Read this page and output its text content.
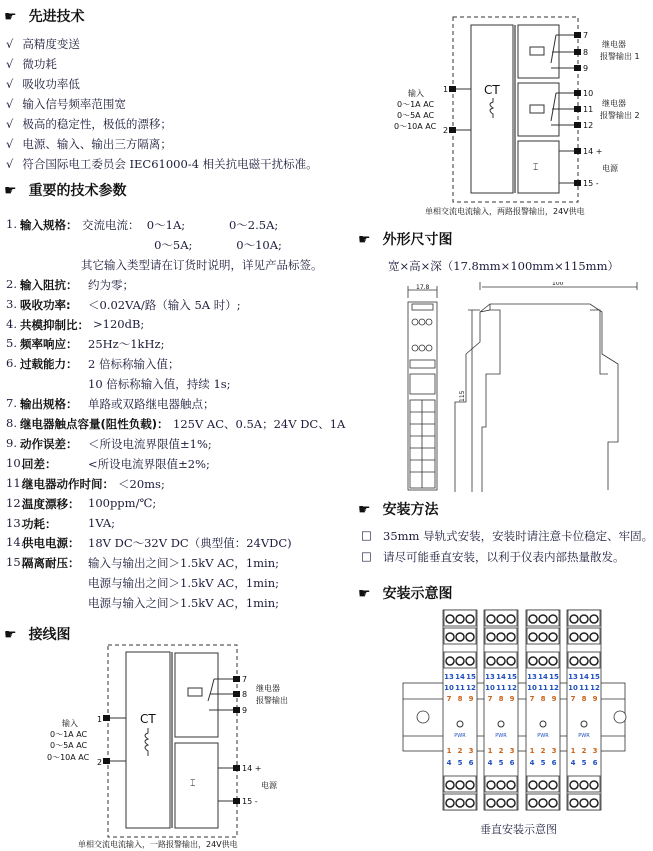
☛ 先进技术
√ 高精度变送
√ 微功耗
√ 吸收功率低
√ 输入信号频率范围宽
√ 极高的稳定性，极低的漂移；
√ 电源、输入、输出三方隔离；
√ 符合国际电工委员会 IEC61000-4 相关抗电磁干扰标准。
☛ 重要的技术参数
1. 输入规格： 交流电流：  0～1A;            0～2.5A;
0～5A;            0～10A;
其它输入类型请在订货时说明，详见产品标签。
2. 输入阻抗： 约为零；
3. 吸收功率: ＜0.02VA/路（输入 5A 时）;
4. 共模抑制比： >120dB;
5. 频率响应： 25Hz～1kHz;
6. 过载能力： 2 倍标称输入值；
10 倍标称输入值，持续 1s;
7. 输出规格： 单路或双路继电器触点；
8. 继电器触点容量(阻性负载)： 125V AC、0.5A；24V DC、1A
9. 动作误差： ＜所设电流界限值±1%;
10.
回差：	<所设电流界限值±2%;
11.
继电器动作时间： ＜20ms;
12.
温度漂移： 100ppm/℃;
13.
功耗：	1VA;
14.
供电电源： 18V DC～32V DC（典型值：24VDC)
15.
隔离耐压： 输入与输出之间＞1.5kV AC，1min;
电源与输出之间＞1.5kV AC，1min;
电源与输入之间＞1.5kV AC，1min;
☛ 接线图
CT
⌶
1
2
7
8
9
14 +
15 -
输入
0～1A AC
0～5A AC
0～10A AC
继电器
报警输出
电源
单相交流电流输入，一路报警输出，24V供电
CT
⌶
1
2
7
8
9
10
11
12
14 +
15 -
输入
0～1A AC
0～5A AC
0～10A AC
继电器
报警输出 1
继电器
报警输出 2
电源
单相交流电流输入，两路报警输出，24V供电
☛ 外形尺寸图
宽×高×深（17.8mm×100mm×115mm）
17.8
100
115
☛ 安装方法
□ 35mm 导轨式安装，安装时请注意卡位稳定、牢固。
□ 请尽可能垂直安装，以利于仪表内部热量散发。
☛ 安装示意图
13 14 15
10 11 12
7 8 9
1 2 3
4 5 6
PWR
13 14 15
10 11 12
7 8 9
1 2 3
4 5 6
PWR
13 14 15
10 11 12
7 8 9
1 2 3
4 5 6
PWR
13 14 15
10 11 12
7 8 9
1 2 3
4 5 6
PWR
垂直安装示意图
